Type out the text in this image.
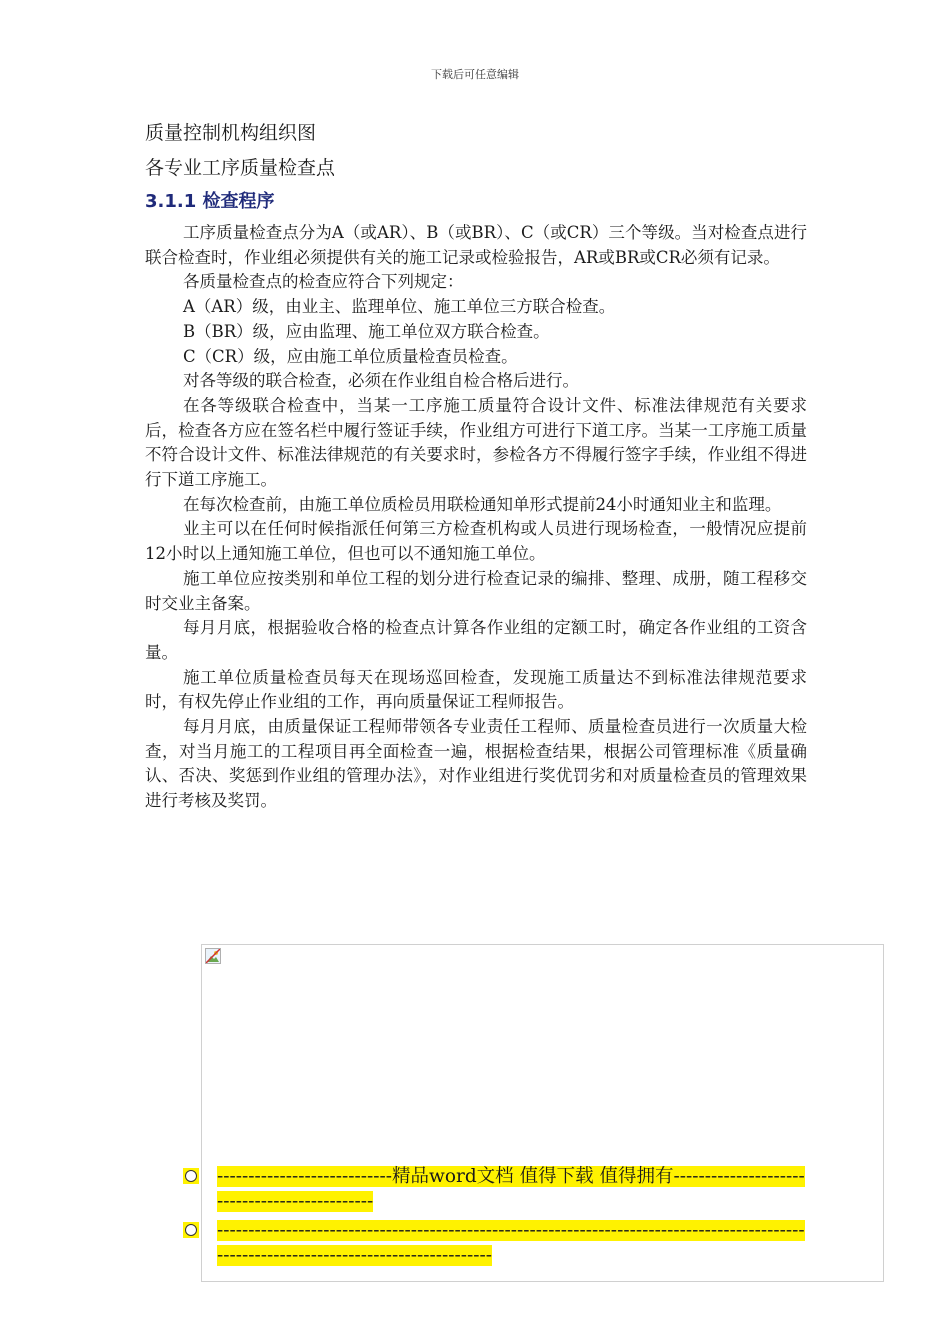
下载后可任意编辑
质量控制机构组织图
各专业工序质量检查点
3.1.1 检查程序

工序质量检查点分为A（或AR）、B（或BR）、C（或CR）三个等级。当对检查点进行联合检查时，作业组必须提供有关的施工记录或检验报告，AR或BR或CR必须有记录。

各质量检查点的检查应符合下列规定：

A（AR）级，由业主、监理单位、施工单位三方联合检查。

B（BR）级，应由监理、施工单位双方联合检查。

C（CR）级，应由施工单位质量检查员检查。

对各等级的联合检查，必须在作业组自检合格后进行。

在各等级联合检查中，当某一工序施工质量符合设计文件、标准法律规范有关要求后，检查各方应在签名栏中履行签证手续，作业组方可进行下道工序。当某一工序施工质量不符合设计文件、标准法律规范的有关要求时，参检各方不得履行签字手续，作业组不得进行下道工序施工。

在每次检查前，由施工单位质检员用联检通知单形式提前24小时通知业主和监理。

业主可以在任何时候指派任何第三方检查机构或人员进行现场检查，一般情况应提前12小时以上通知施工单位，但也可以不通知施工单位。

施工单位应按类别和单位工程的划分进行检查记录的编排、整理、成册，随工程移交时交业主备案。

每月月底，根据验收合格的检查点计算各作业组的定额工时，确定各作业组的工资含量。

施工单位质量检查员每天在现场巡回检查，发现施工质量达不到标准法律规范要求时，有权先停止作业组的工作，再向质量保证工程师报告。

每月月底，由质量保证工程师带领各专业责任工程师、质量检查员进行一次质量大检查，对当月施工的工程项目再全面检查一遍，根据检查结果，根据公司管理标准《质量确认、否决、奖惩到作业组的管理办法》，对作业组进行奖优罚劣和对质量检查员的管理效果进行考核及奖罚。

----------------------------精品word文档 值得下载 值得拥有----------------------------------------------
------------------------------------------------------------------------------------------------------------------------------------------
